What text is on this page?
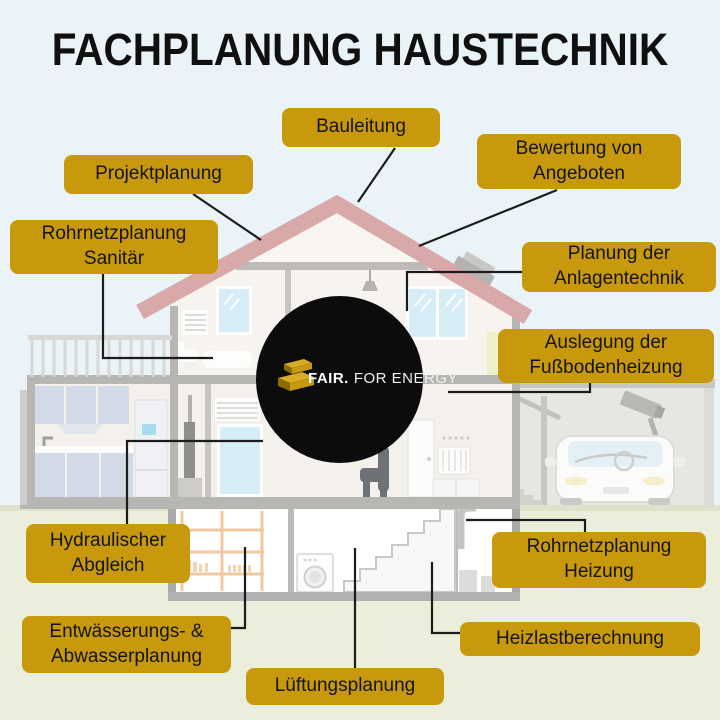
FACHPLANUNG HAUSTECHNIK
FAIR. FOR ENERGY
Bauleitung
Projektplanung
Bewertung von Angeboten
Rohrnetzplanung Sanitär	Planung der Anlagentechnik
Auslegung der Fußbodenheizung
Hydraulischer Abgleich
Entwässerungs- & Abwasserplanung
Lüftungsplanung
Rohrnetzplanung Heizung
Heizlastberechnung
